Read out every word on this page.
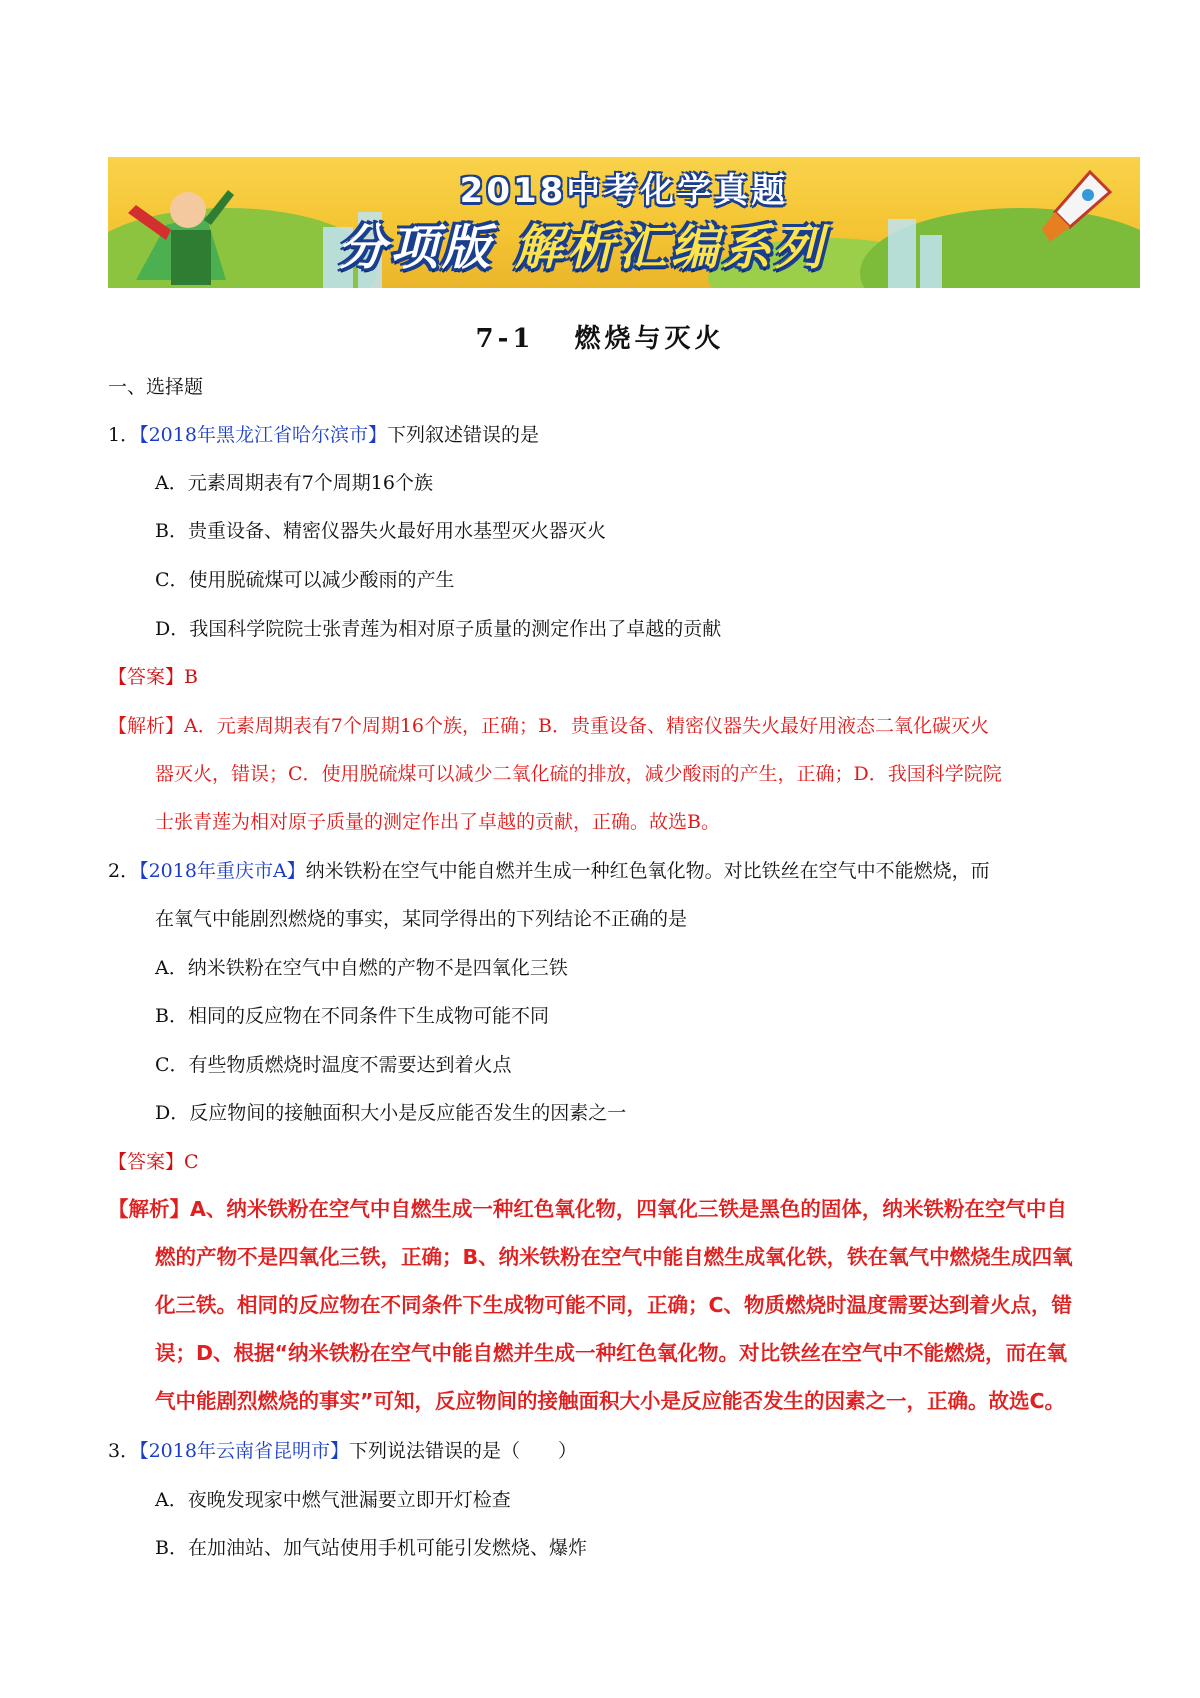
2018中考化学真题
分项版 解析汇编系列
7-1 燃烧与灭火
一、选择题
1．【2018年黑龙江省哈尔滨市】下列叙述错误的是
A．元素周期表有7个周期16个族
B．贵重设备、精密仪器失火最好用水基型灭火器灭火
C．使用脱硫煤可以减少酸雨的产生
D．我国科学院院士张青莲为相对原子质量的测定作出了卓越的贡献
【答案】B
【解析】A．元素周期表有7个周期16个族，正确；B．贵重设备、精密仪器失火最好用液态二氧化碳灭火
器灭火，错误；C．使用脱硫煤可以减少二氧化硫的排放，减少酸雨的产生，正确；D．我国科学院院
士张青莲为相对原子质量的测定作出了卓越的贡献，正确。故选B。
2．【2018年重庆市A】纳米铁粉在空气中能自燃并生成一种红色氧化物。对比铁丝在空气中不能燃烧，而
在氧气中能剧烈燃烧的事实，某同学得出的下列结论不正确的是
A．纳米铁粉在空气中自燃的产物不是四氧化三铁
B．相同的反应物在不同条件下生成物可能不同
C．有些物质燃烧时温度不需要达到着火点
D．反应物间的接触面积大小是反应能否发生的因素之一
【答案】C
【解析】A、纳米铁粉在空气中自燃生成一种红色氧化物，四氧化三铁是黑色的固体，纳米铁粉在空气中自
燃的产物不是四氧化三铁，正确；B、纳米铁粉在空气中能自燃生成氧化铁，铁在氧气中燃烧生成四氧
化三铁。相同的反应物在不同条件下生成物可能不同，正确；C、物质燃烧时温度需要达到着火点，错
误；D、根据“纳米铁粉在空气中能自燃并生成一种红色氧化物。对比铁丝在空气中不能燃烧，而在氧
气中能剧烈燃烧的事实”可知，反应物间的接触面积大小是反应能否发生的因素之一，正确。故选C。
3．【2018年云南省昆明市】下列说法错误的是（　　）
A．夜晚发现家中燃气泄漏要立即开灯检查
B．在加油站、加气站使用手机可能引发燃烧、爆炸
